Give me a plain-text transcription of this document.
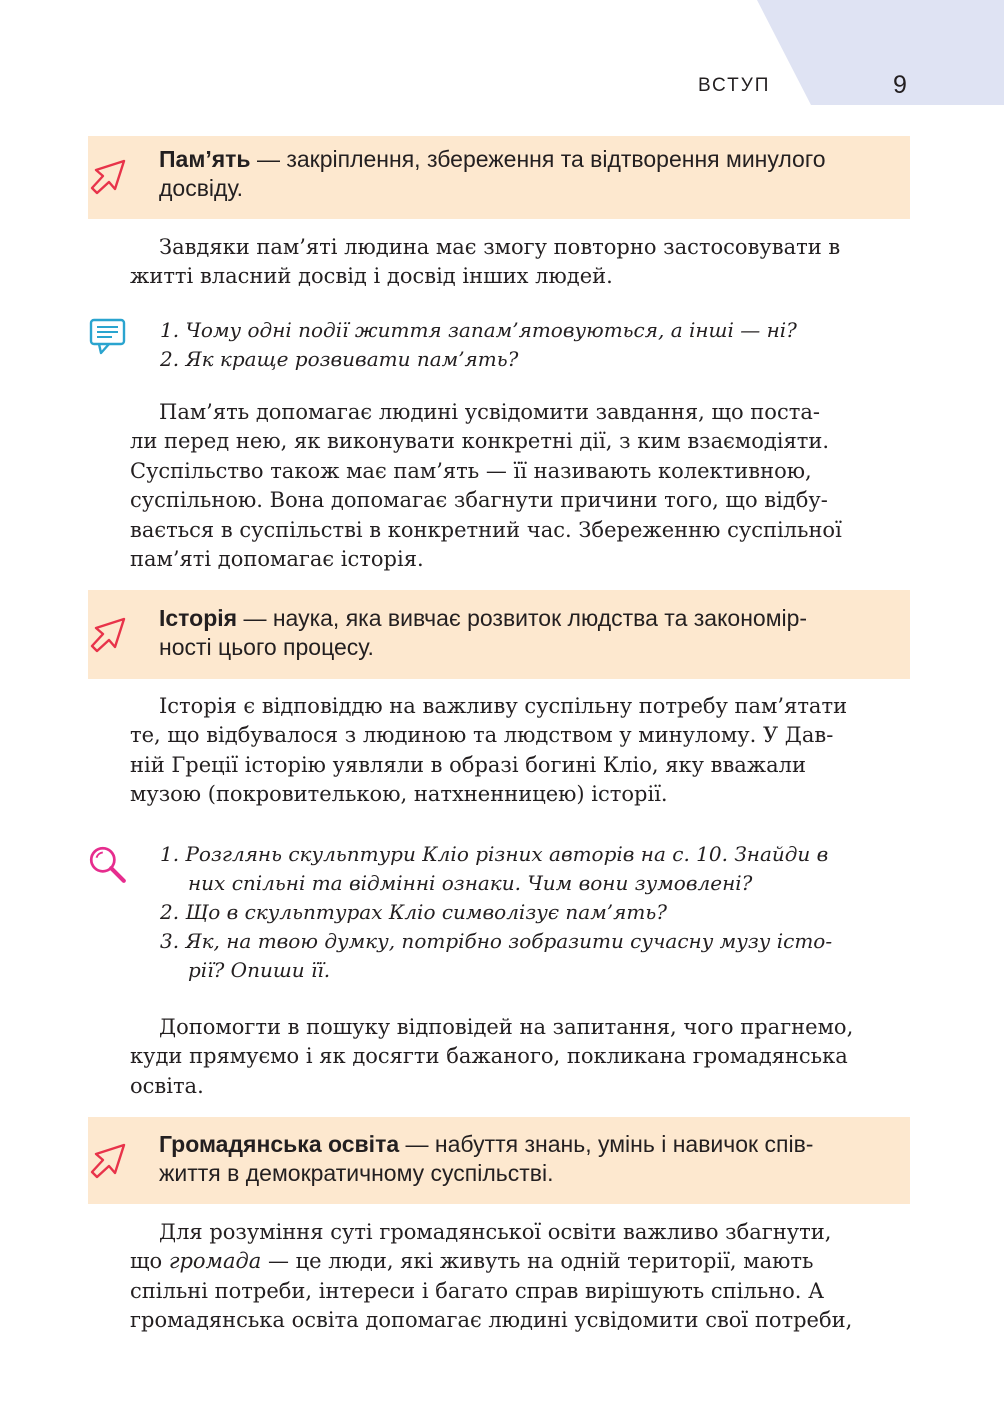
ВСТУП	9
Пам’ять — закріплення, збереження та відтворення минулого
досвіду.
Завдяки пам’яті людина має змогу повторно застосовувати в
житті власний досвід і досвід інших людей.
1. Чому одні події життя запам’ятовуються, а інші — ні?
2. Як краще розвивати пам’ять?
Пам’ять допомагає людині усвідомити завдання, що поста-
ли перед нею, як виконувати конкретні дії, з ким взаємодіяти.
Суспільство також має пам’ять — її називають колективною,
суспільною. Вона допомагає збагнути причини того, що відбу-
вається в суспільстві в конкретний час. Збереженню суспільної
пам’яті допомагає історія.
Історія — наука, яка вивчає розвиток людства та закономір-
ності цього процесу.
Історія є відповіддю на важливу суспільну потребу пам’ятати
те, що відбувалося з людиною та людством у минулому. У Дав-
ній Греції історію уявляли в образі богині Кліо, яку вважали
музою (покровителькою, натхненницею) історії.
1. Розглянь скульптури Кліо різних авторів на с. 10. Знайди в
них спільні та відмінні ознаки. Чим вони зумовлені?
2. Що в скульптурах Кліо символізує пам’ять?
3. Як, на твою думку, потрібно зобразити сучасну музу істо-
рії? Опиши її.
Допомогти в пошуку відповідей на запитання, чого прагнемо,
куди прямуємо і як досягти бажаного, покликана громадянська
освіта.
Громадянська освіта — набуття знань, умінь і навичок спів-
життя в демократичному суспільстві.
Для розуміння суті громадянської освіти важливо збагнути,
що громада — це люди, які живуть на одній території, мають
спільні потреби, інтереси і багато справ вирішують спільно. А
громадянська освіта допомагає людині усвідомити свої потреби,
